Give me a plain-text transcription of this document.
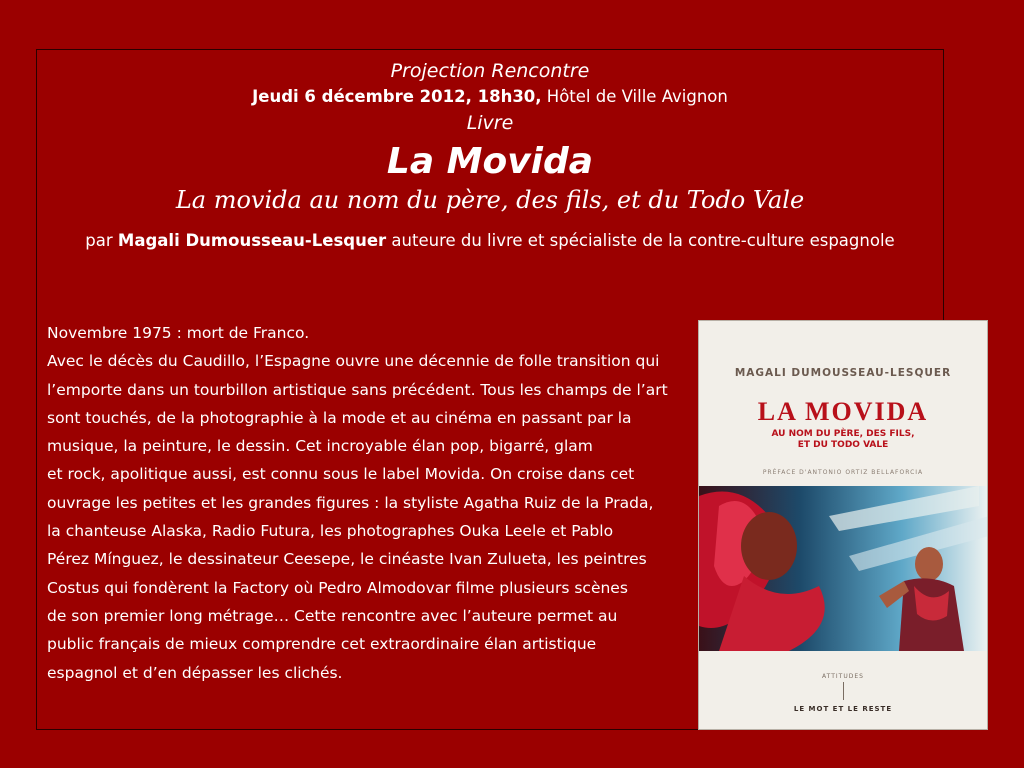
Projection Rencontre
Jeudi 6 décembre 2012, 18h30, Hôtel de Ville Avignon
Livre
La Movida
La movida au nom du père, des fils, et du Todo Vale
par Magali Dumousseau-Lesquer auteure du livre et spécialiste de la contre-culture espagnole
Novembre 1975 : mort de Franco.
Avec le décès du Caudillo, l’Espagne ouvre une décennie de folle transition qui
l’emporte dans un tourbillon artistique sans précédent. Tous les champs de l’art
sont touchés, de la photographie à la mode et au cinéma en passant par la
musique, la peinture, le dessin. Cet incroyable élan pop, bigarré, glam
et rock, apolitique aussi, est connu sous le label Movida. On croise dans cet
ouvrage les petites et les grandes figures : la styliste Agatha Ruiz de la Prada,
la chanteuse Alaska, Radio Futura, les photographes Ouka Leele et Pablo
Pérez Mínguez, le dessinateur Ceesepe, le cinéaste Ivan Zulueta, les peintres
Costus qui fondèrent la Factory où Pedro Almodovar filme plusieurs scènes
de son premier long métrage… Cette rencontre avec l’auteure permet au
public français de mieux comprendre cet extraordinaire élan artistique
espagnol et d’en dépasser les clichés.
MAGALI DUMOUSSEAU-LESQUER
LA MOVIDA
AU NOM DU PÈRE, DES FILS,
ET DU TODO VALE
PRÉFACE D'ANTONIO ORTIZ BELLAFORCIA
ATTITUDES
LE MOT ET LE RESTE
